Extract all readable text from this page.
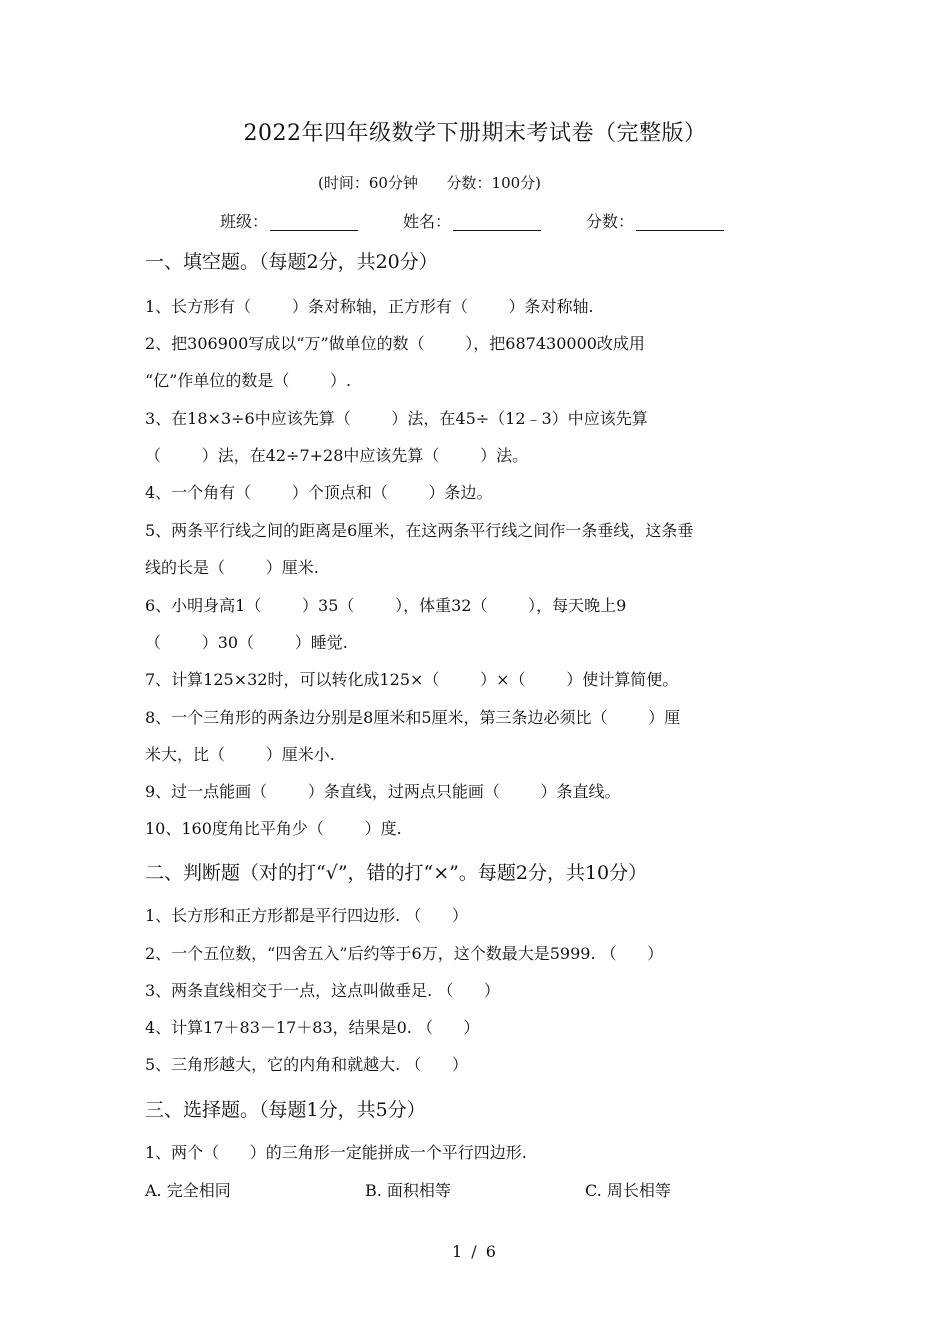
2022年四年级数学下册期末考试卷（完整版）
(时间：60分钟      分数：100分)
班级：	姓名：	分数：
一、填空题。（每题2分，共20分）
1、长方形有（        ）条对称轴，正方形有（        ）条对称轴.
2、把306900写成以“万”做单位的数（        ），把687430000改成用
“亿”作单位的数是（        ）.
3、在18×3÷6中应该先算（        ）法，在45÷（12﹣3）中应该先算
（        ）法，在42÷7+28中应该先算（        ）法。
4、一个角有（        ）个顶点和（        ）条边。
5、两条平行线之间的距离是6厘米，在这两条平行线之间作一条垂线，这条垂
线的长是（        ）厘米.
6、小明身高1（        ）35（        ），体重32（        ），每天晚上9
（        ）30（        ）睡觉.
7、计算125×32时，可以转化成125×（        ）×（        ）使计算简便。
8、一个三角形的两条边分别是8厘米和5厘米，第三条边必须比（        ）厘
米大，比（        ）厘米小.
9、过一点能画（        ）条直线，过两点只能画（        ）条直线。
10、160度角比平角少（        ）度.
二、判断题（对的打“√”，错的打“×”。每题2分，共10分）
1、长方形和正方形都是平行四边形. （      ）
2、一个五位数，“四舍五入”后约等于6万，这个数最大是5999. （      ）
3、两条直线相交于一点，这点叫做垂足. （      ）
4、计算17＋83－17＋83，结果是0. （      ）
5、三角形越大，它的内角和就越大. （      ）
三、选择题。（每题1分，共5分）
1、两个（      ）的三角形一定能拼成一个平行四边形.
A. 完全相同	B. 面积相等	C. 周长相等
1 / 6
